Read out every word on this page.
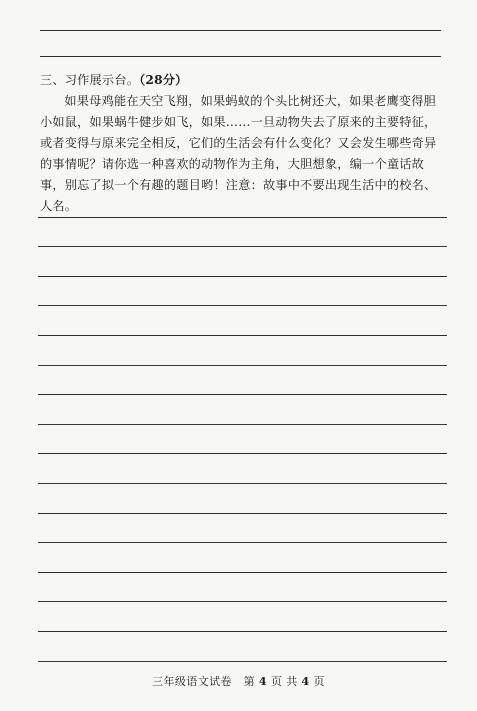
三、习作展示台。（28分）

如果母鸡能在天空飞翔，如果蚂蚁的个头比树还大，如果老鹰变得胆小如鼠，如果蜗牛健步如飞，如果……一旦动物失去了原来的主要特征，或者变得与原来完全相反，它们的生活会有什么变化？又会发生哪些奇异的事情呢？请你选一种喜欢的动物作为主角，大胆想象，编一个童话故事，别忘了拟一个有趣的题目哟！注意：故事中不要出现生活中的校名、人名。

三年级语文试卷 第 4 页 共 4 页
